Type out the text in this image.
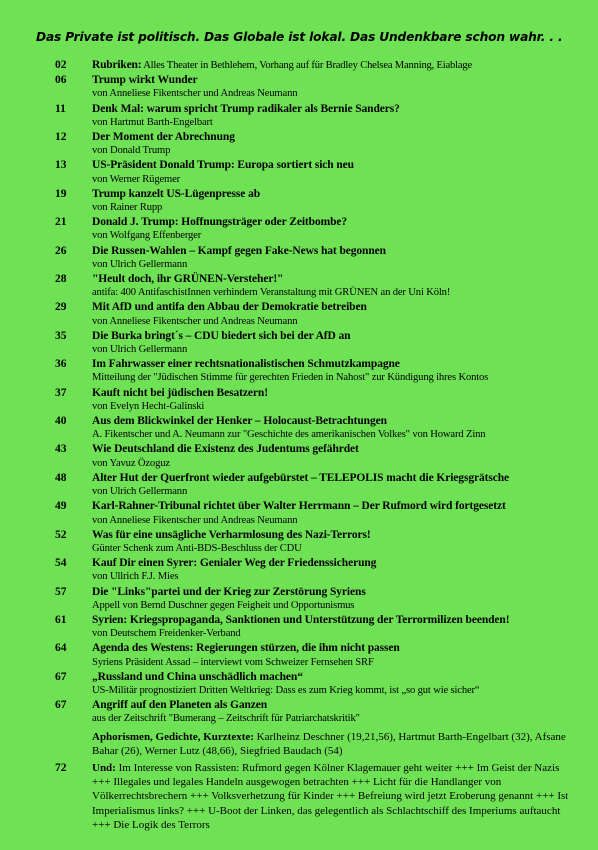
Das Private ist politisch. Das Globale ist lokal. Das Undenkbare schon wahr. . .
02	Rubriken: Alles Theater in Bethlehem, Vorhang auf für Bradley Chelsea Manning, Eiablage
06	Trump wirkt Wunder
von Anneliese Fikentscher und Andreas Neumann
11	Denk Mal: warum spricht Trump radikaler als Bernie Sanders?
von Hartmut Barth-Engelbart
12	Der Moment der Abrechnung
von Donald Trump
13	US-Präsident Donald Trump: Europa sortiert sich neu
von Werner Rügemer
19	Trump kanzelt US-Lügenpresse ab
von Rainer Rupp
21	Donald J. Trump: Hoffnungsträger oder Zeitbombe?
von Wolfgang Effenberger
26	Die Russen-Wahlen – Kampf gegen Fake-News hat begonnen
von Ulrich Gellermann
28	"Heult doch, ihr GRÜNEN-Versteher!"
antifa: 400 AntifaschistInnen verhindern Veranstaltung mit GRÜNEN an der Uni Köln!
29	Mit AfD und antifa den Abbau der Demokratie betreiben
von Anneliese Fikentscher und Andreas Neumann
35	Die Burka bringt´s – CDU biedert sich bei der AfD an
von Ulrich Gellermann
36	Im Fahrwasser einer rechtsnationalistischen Schmutzkampagne
Mitteilung der "Jüdischen Stimme für gerechten Frieden in Nahost" zur Kündigung ihres Kontos
37	Kauft nicht bei jüdischen Besatzern!
von Evelyn Hecht-Galinski
40	Aus dem Blickwinkel der Henker – Holocaust-Betrachtungen
A. Fikentscher und A. Neumann zur "Geschichte des amerikanischen Volkes" von Howard Zinn
43	Wie Deutschland die Existenz des Judentums gefährdet
von Yavuz Özoguz
48	Alter Hut der Querfront wieder aufgebürstet – TELEPOLIS macht die Kriegsgrätsche
von Ulrich Gellermann
49	Karl-Rahner-Tribunal richtet über Walter Herrmann – Der Rufmord wird fortgesetzt
von Anneliese Fikentscher und Andreas Neumann
52	Was für eine unsägliche Verharmlosung des Nazi-Terrors!
Günter Schenk zum Anti-BDS-Beschluss der CDU
54	Kauf Dir einen Syrer: Genialer Weg der Friedenssicherung
von Ullrich F.J. Mies
57	Die "Links"partei und der Krieg zur Zerstörung Syriens
Appell von Bernd Duschner gegen Feigheit und Opportunismus
61	Syrien: Kriegspropaganda, Sanktionen und Unterstützung der Terrormilizen beenden!
von Deutschem Freidenker-Verband
64	Agenda des Westens: Regierungen stürzen, die ihm nicht passen
Syriens Präsident Assad – interviewt vom Schweizer Fernsehen SRF
67	„Russland und China unschädlich machen“
US-Militär prognostiziert Dritten Weltkrieg: Dass es zum Krieg kommt, ist „so gut wie sicher“
67	Angriff auf den Planeten als Ganzen
aus der Zeitschrift "Bumerang – Zeitschrift für Patriarchatskritik"
Aphorismen, Gedichte, Kurztexte: Karlheinz Deschner (19,21,56), Hartmut Barth-Engelbart (32), Afsane Bahar (26), Werner Lutz (48,66), Siegfried Baudach (54)
72	Und: Im Interesse von Rassisten: Rufmord gegen Kölner Klagemauer geht weiter +++ Im Geist der Nazis +++ Illegales und legales Handeln ausgewogen betrachten +++ Licht für die Handlanger von Völkerrechtsbrechern +++ Volksverhetzung für Kinder +++ Befreiung wird jetzt Eroberung genannt +++ Ist Imperialismus links? +++ U-Boot der Linken, das gelegentlich als Schlachtschiff des Imperiums auftaucht +++ Die Logik des Terrors
